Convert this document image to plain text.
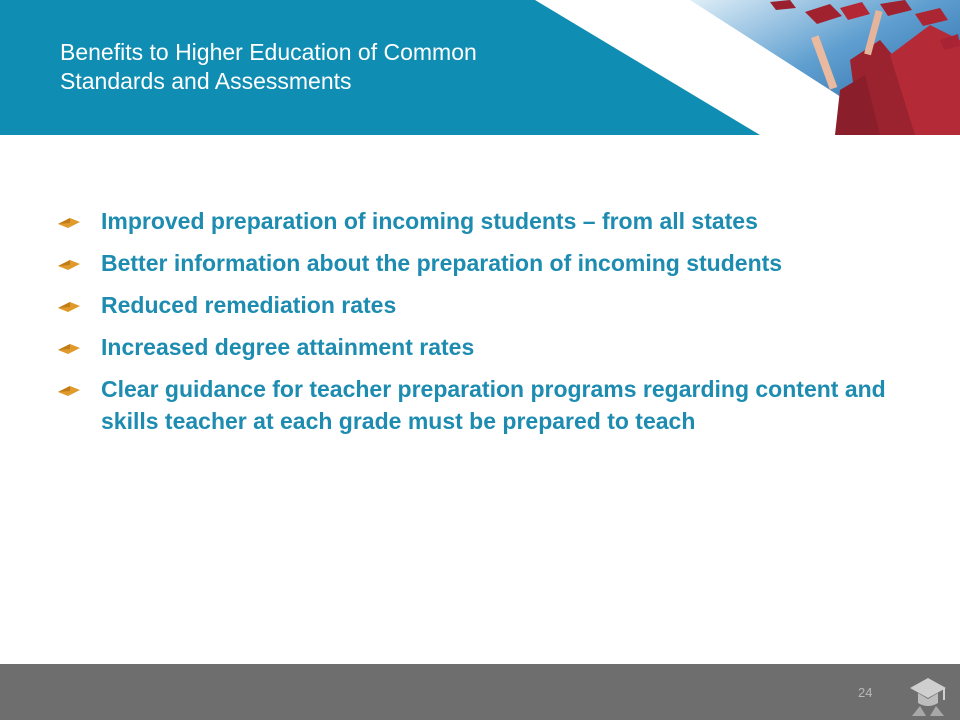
Benefits to Higher Education of Common
Standards and Assessments
Improved preparation of incoming students – from all states
Better information about the preparation of incoming students
Reduced remediation rates
Increased degree attainment rates
Clear guidance for teacher preparation programs regarding content and skills teacher at each grade must be prepared to teach
24
